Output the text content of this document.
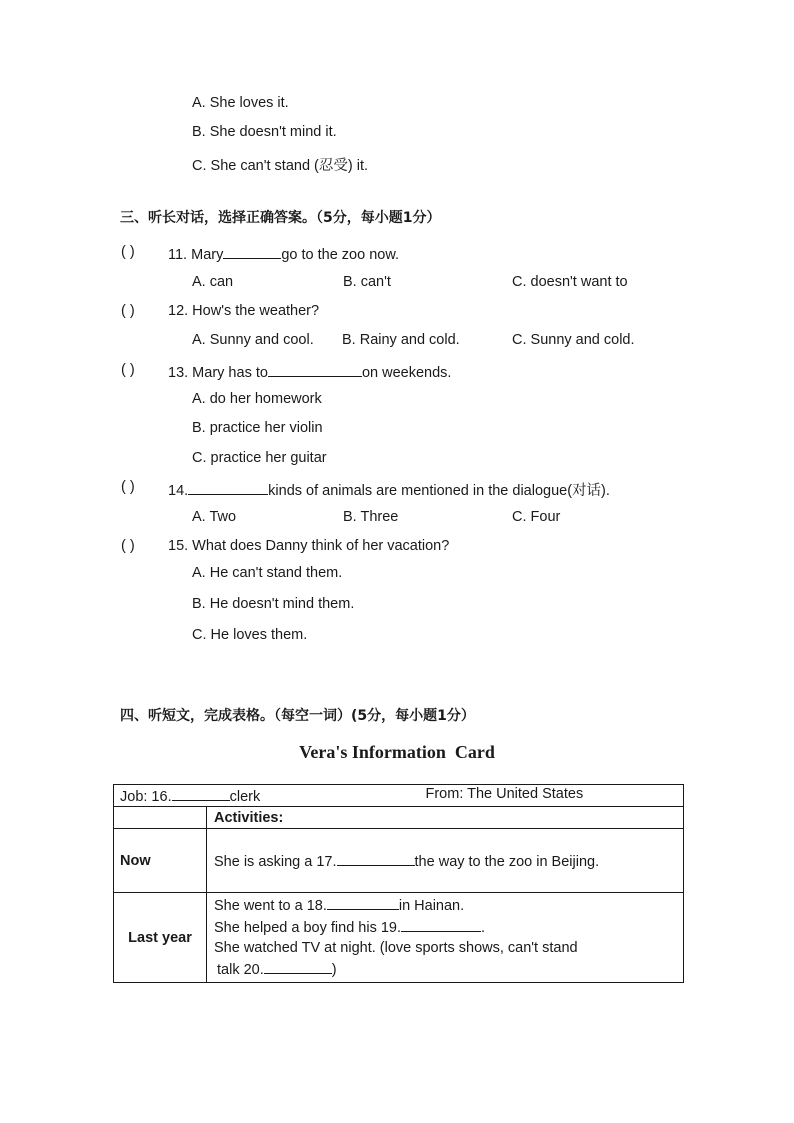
A. She loves it.
B. She doesn't mind it.
C. She can't stand (忍受) it.
三、听长对话，选择正确答案。（5分，每小题1分）
( ) 11. Mary	go to the zoo now.
A. can	B. can't	C. doesn't want to
( ) 12. How's the weather?
A. Sunny and cool. B. Rainy and cold.	C. Sunny and cold.
( ) 13. Mary has to	on weekends.
A. do her homework
B. practice her violin
C. practice her guitar
( ) 14.	kinds of animals are mentioned in the dialogue(对话).
A. Two	B. Three	C. Four
( ) 15. What does Danny think of her vacation?
A. He can't stand them.
B. He doesn't mind them.
C. He loves them.
四、听短文，完成表格。（每空一词）(5分，每小题1分）
Vera's Information  Card
Job: 16. clerk From: The United States	

	Activities:
Now	She is asking a 17. the way to the zoo in Beijing.
Last year	She went to a 18. in Hainan.
She helped a boy find his 19. .
She watched TV at night. (love sports shows, can't stand
talk 20. )
